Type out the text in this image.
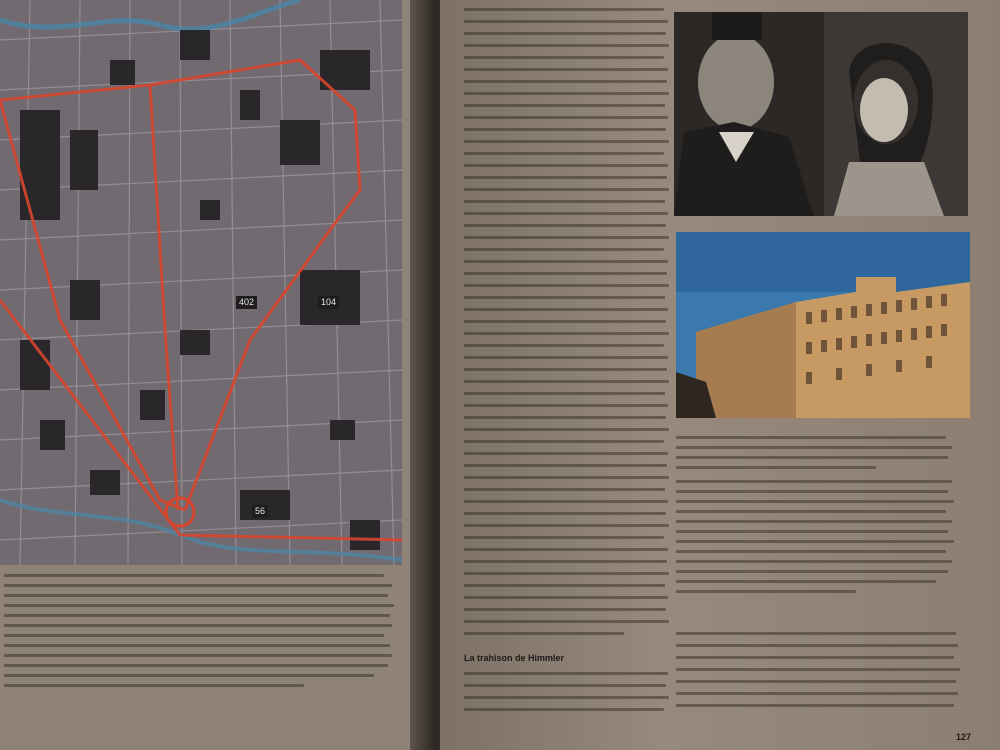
402	104
56
La trahison de Himmler
127
